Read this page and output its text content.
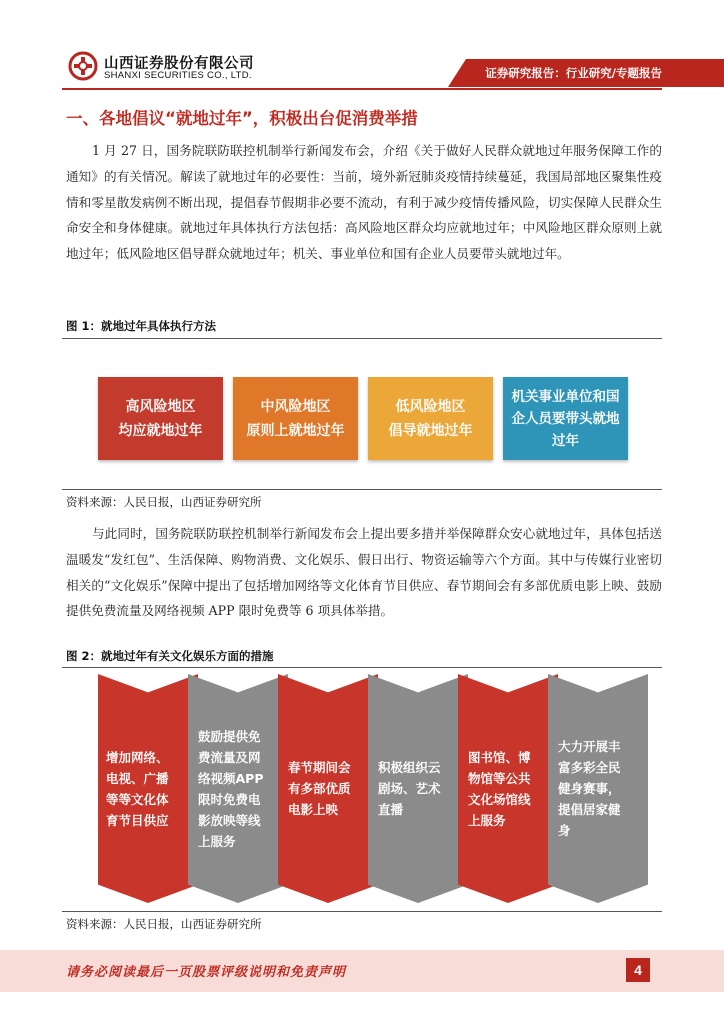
山西证券股份有限公司
SHANXI SECURITIES CO., LTD.	证券研究报告：行业研究/专题报告
一、各地倡议“就地过年”，积极出台促消费举措

1 月 27 日，国务院联防联控机制举行新闻发布会，介绍《关于做好人民群众就地过年服务保障工作的通知》的有关情况。解读了就地过年的必要性：当前，境外新冠肺炎疫情持续蔓延，我国局部地区聚集性疫情和零星散发病例不断出现，提倡春节假期非必要不流动，有利于减少疫情传播风险，切实保障人民群众生命安全和身体健康。就地过年具体执行方法包括：高风险地区群众均应就地过年；中风险地区群众原则上就地过年；低风险地区倡导群众就地过年；机关、事业单位和国有企业人员要带头就地过年。

图 1：就地过年具体执行方法
高风险地区
均应就地过年
中风险地区
原则上就地过年
低风险地区
倡导就地过年
机关事业单位和国
企人员要带头就地
过年
资料来源：人民日报，山西证券研究所

与此同时，国务院联防联控机制举行新闻发布会上提出要多措并举保障群众安心就地过年，具体包括送温暖发“发红包”、生活保障、购物消费、文化娱乐、假日出行、物资运输等六个方面。其中与传媒行业密切相关的“文化娱乐”保障中提出了包括增加网络等文化体育节目供应、春节期间会有多部优质电影上映、鼓励提供免费流量及网络视频 APP 限时免费等 6 项具体举措。

图 2：就地过年有关文化娱乐方面的措施
增加网络、
电视、广播
等等文化体
育节目供应
鼓励提供免
费流量及网
络视频APP
限时免费电
影放映等线
上服务
春节期间会
有多部优质
电影上映
积极组织云
剧场、艺术
直播
图书馆、博
物馆等公共
文化场馆线
上服务
大力开展丰
富多彩全民
健身赛事，
提倡居家健
身
资料来源：人民日报，山西证券研究所
请务必阅读最后一页股票评级说明和免责声明	4
